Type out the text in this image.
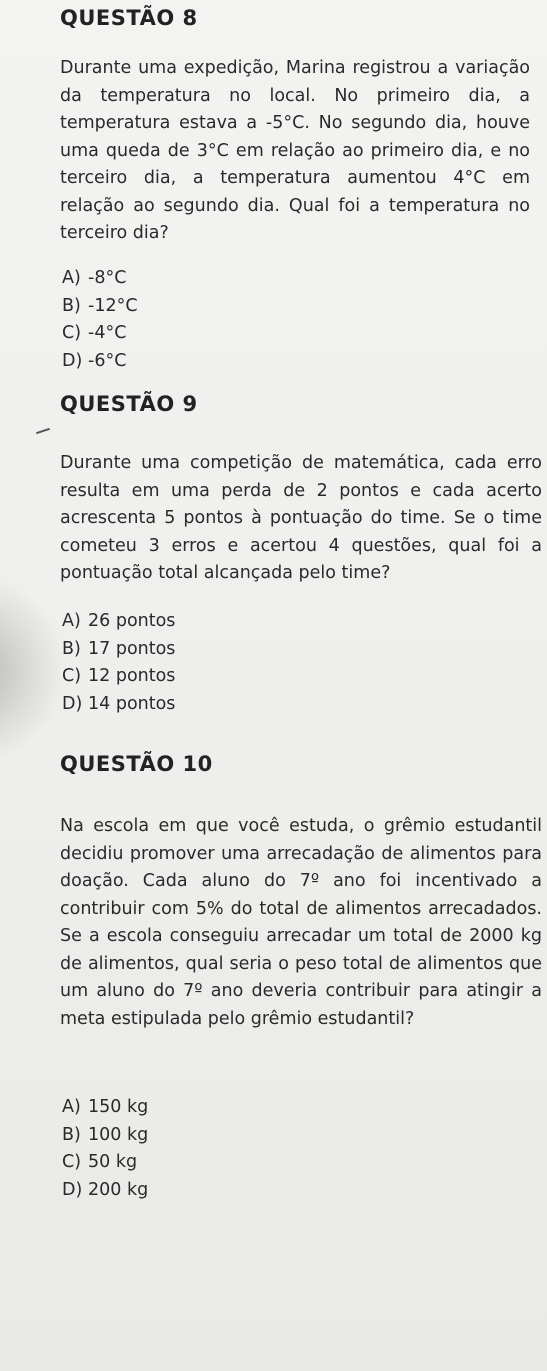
QUESTÃO 8

Durante uma expedição, Marina registrou a variação da temperatura no local. No primeiro dia, a temperatura estava a -5°C. No segundo dia, houve uma queda de 3°C em relação ao primeiro dia, e no terceiro dia, a temperatura aumentou 4°C em relação ao segundo dia. Qual foi a temperatura no terceiro dia?

A) -8°C
B) -12°C
C) -4°C
D) -6°C
QUESTÃO 9

Durante uma competição de matemática, cada erro resulta em uma perda de 2 pontos e cada acerto acrescenta 5 pontos à pontuação do time. Se o time cometeu 3 erros e acertou 4 questões, qual foi a pontuação total alcançada pelo time?

A) 26 pontos
B) 17 pontos
C) 12 pontos
D) 14 pontos
QUESTÃO 10

Na escola em que você estuda, o grêmio estudantil decidiu promover uma arrecadação de alimentos para doação. Cada aluno do 7º ano foi incentivado a contribuir com 5% do total de alimentos arrecadados. Se a escola conseguiu arrecadar um total de 2000 kg de alimentos, qual seria o peso total de alimentos que um aluno do 7º ano deveria contribuir para atingir a meta estipulada pelo grêmio estudantil?

A) 150 kg
B) 100 kg
C) 50 kg
D) 200 kg
